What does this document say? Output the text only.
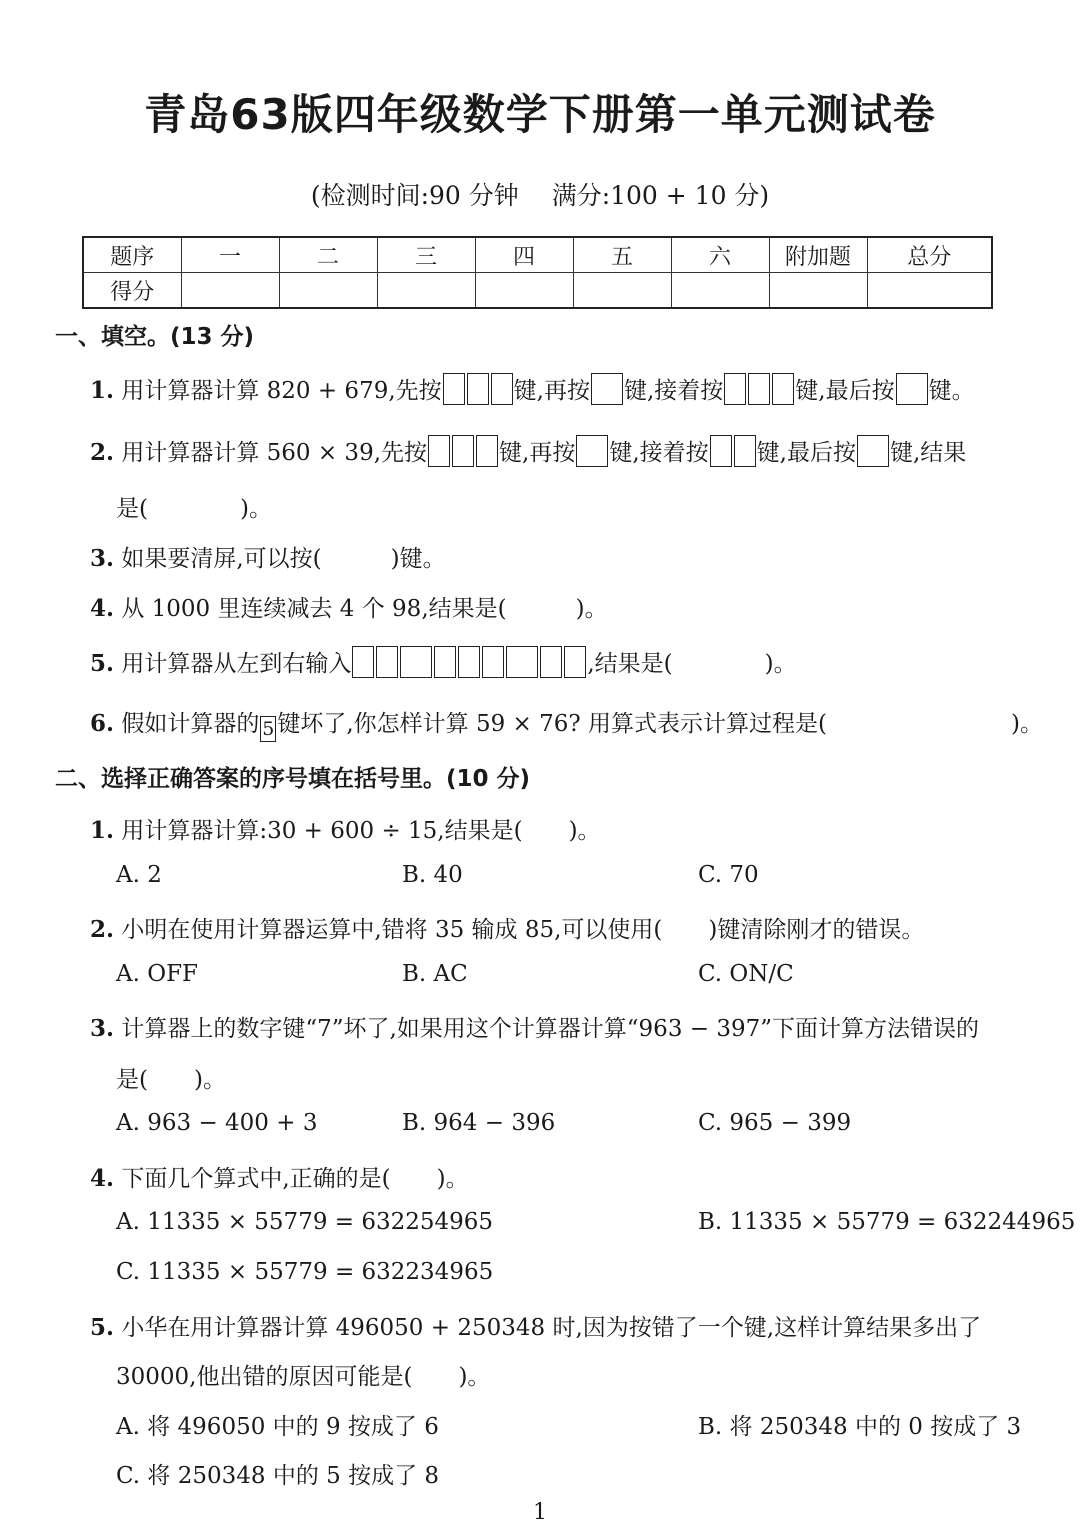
青岛63版四年级数学下册第一单元测试卷
(检测时间:90 分钟　 满分:100 + 10 分)
题序	一	二	三	四	五	六	附加题	总分
得分								
一、填空。(13 分)
1. 用计算器计算 820 + 679,先按	键,再按 键,接着按	键,最后按 键。
2. 用计算器计算 560 × 39,先按	键,再按 键,接着按 键,最后按 键,结果
是(　　　　)。
3. 如果要清屏,可以按(　　　)键。
4. 从 1000 里连续减去 4 个 98,结果是(　　　)。
5. 用计算器从左到右输入	,结果是(　　　　)。
6. 假如计算器的 5 键坏了,你怎样计算 59 × 76? 用算式表示计算过程是(　　　　　　　　)。
二、选择正确答案的序号填在括号里。(10 分)
1. 用计算器计算:30 + 600 ÷ 15,结果是(　　)。
A. 2	B. 40	C. 70
2. 小明在使用计算器运算中,错将 35 输成 85,可以使用(　　)键清除刚才的错误。
A. OFF	B. AC	C. ON/C
3. 计算器上的数字键“7”坏了,如果用这个计算器计算“963 − 397”下面计算方法错误的
是(　　)。
A. 963 − 400 + 3	B. 964 − 396	C. 965 − 399
4. 下面几个算式中,正确的是(　　)。
A. 11335 × 55779 = 632254965	B. 11335 × 55779 = 632244965
C. 11335 × 55779 = 632234965
5. 小华在用计算器计算 496050 + 250348 时,因为按错了一个键,这样计算结果多出了
30000,他出错的原因可能是(　　)。
A. 将 496050 中的 9 按成了 6	B. 将 250348 中的 0 按成了 3
C. 将 250348 中的 5 按成了 8
1
